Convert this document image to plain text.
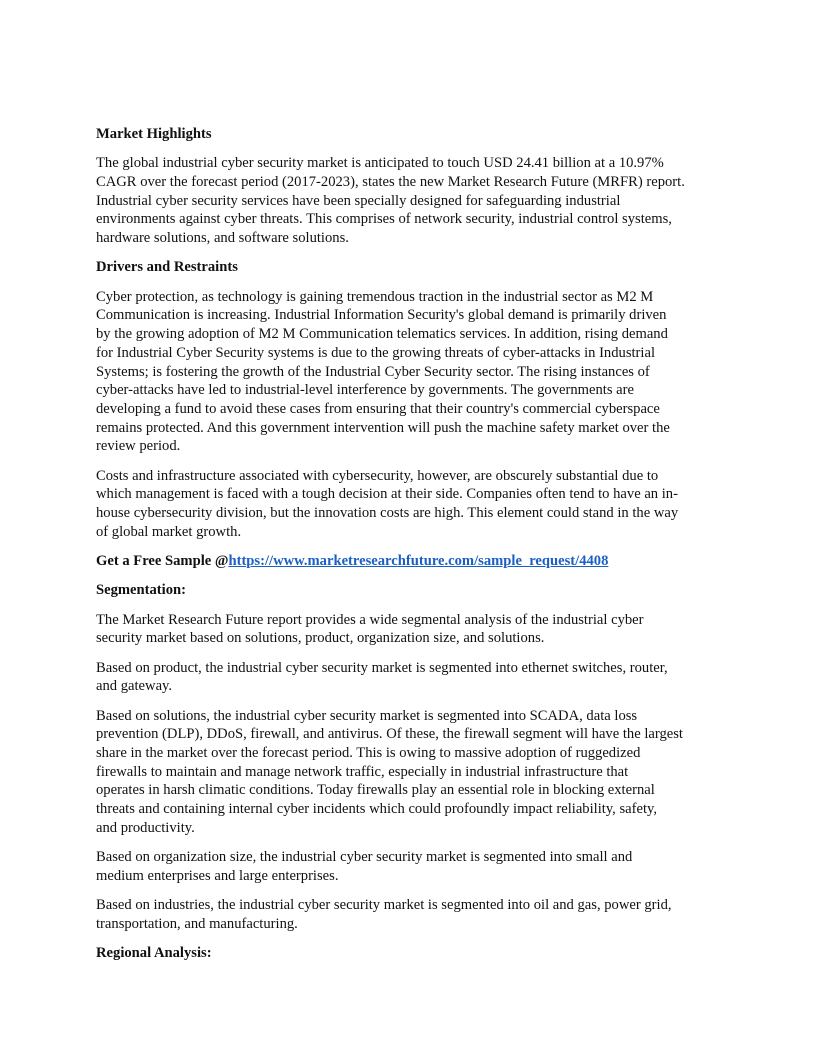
Market Highlights
The global industrial cyber security market is anticipated to touch USD 24.41 billion at a 10.97%
CAGR over the forecast period (2017-2023), states the new Market Research Future (MRFR) report.
Industrial cyber security services have been specially designed for safeguarding industrial
environments against cyber threats. This comprises of network security, industrial control systems,
hardware solutions, and software solutions.
Drivers and Restraints
Cyber protection, as technology is gaining tremendous traction in the industrial sector as M2 M
Communication is increasing. Industrial Information Security's global demand is primarily driven
by the growing adoption of M2 M Communication telematics services. In addition, rising demand
for Industrial Cyber Security systems is due to the growing threats of cyber-attacks in Industrial
Systems; is fostering the growth of the Industrial Cyber Security sector. The rising instances of
cyber-attacks have led to industrial-level interference by governments. The governments are
developing a fund to avoid these cases from ensuring that their country's commercial cyberspace
remains protected. And this government intervention will push the machine safety market over the
review period.
Costs and infrastructure associated with cybersecurity, however, are obscurely substantial due to
which management is faced with a tough decision at their side. Companies often tend to have an in-
house cybersecurity division, but the innovation costs are high. This element could stand in the way
of global market growth.
Get a Free Sample @https://www.marketresearchfuture.com/sample_request/4408
Segmentation:
The Market Research Future report provides a wide segmental analysis of the industrial cyber
security market based on solutions, product, organization size, and solutions.
Based on product, the industrial cyber security market is segmented into ethernet switches, router,
and gateway.
Based on solutions, the industrial cyber security market is segmented into SCADA, data loss
prevention (DLP), DDoS, firewall, and antivirus. Of these, the firewall segment will have the largest
share in the market over the forecast period. This is owing to massive adoption of ruggedized
firewalls to maintain and manage network traffic, especially in industrial infrastructure that
operates in harsh climatic conditions. Today firewalls play an essential role in blocking external
threats and containing internal cyber incidents which could profoundly impact reliability, safety,
and productivity.
Based on organization size, the industrial cyber security market is segmented into small and
medium enterprises and large enterprises.
Based on industries, the industrial cyber security market is segmented into oil and gas, power grid,
transportation, and manufacturing.
Regional Analysis:
